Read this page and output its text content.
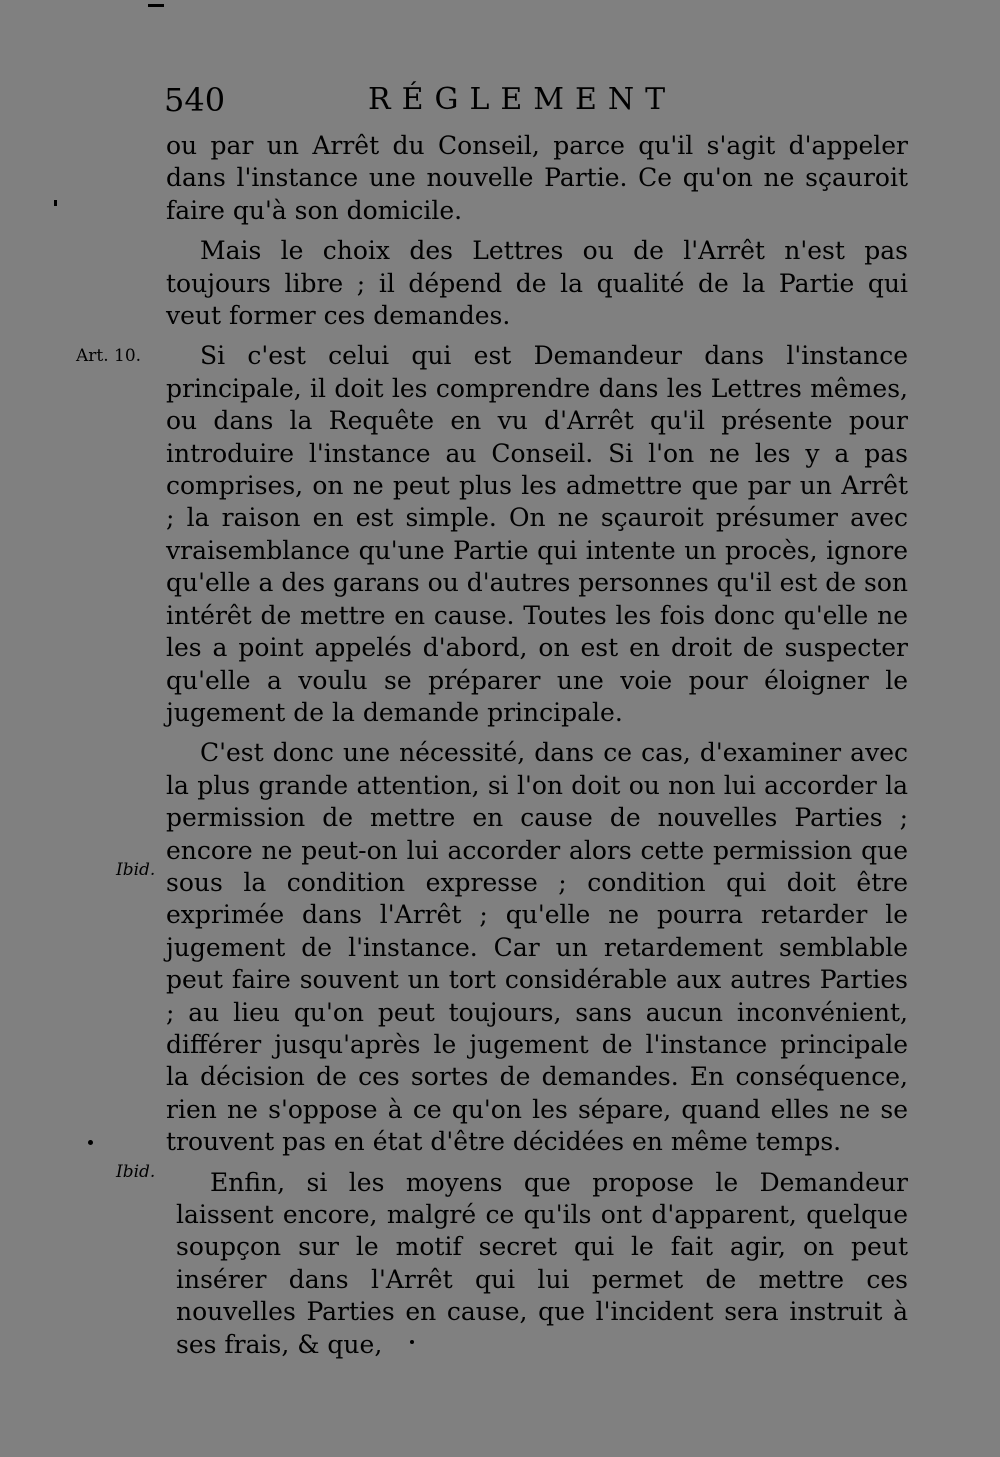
540	RÉGLEMENT

ou par un Arrêt du Conseil, parce qu'il s'agit d'appeler dans l'instance une nouvelle Partie. Ce qu'on ne sçauroit faire qu'à son domicile.

Mais le choix des Lettres ou de l'Arrêt n'est pas toujours libre ; il dépend de la qualité de la Partie qui veut former ces demandes.

Si c'est celui qui est Demandeur dans l'instance principale, il doit les comprendre dans les Lettres mêmes, ou dans la Requête en vu d'Arrêt qu'il présente pour introduire l'instance au Conseil. Si l'on ne les y a pas comprises, on ne peut plus les admettre que par un Arrêt ; la raison en est simple. On ne sçauroit présumer avec vraisemblance qu'une Partie qui intente un procès, ignore qu'elle a des garans ou d'autres personnes qu'il est de son intérêt de mettre en cause. Toutes les fois donc qu'elle ne les a point appelés d'abord, on est en droit de suspecter qu'elle a voulu se préparer une voie pour éloigner le jugement de la demande principale.

C'est donc une nécessité, dans ce cas, d'examiner avec la plus grande attention, si l'on doit ou non lui accorder la permission de mettre en cause de nouvelles Parties ; encore ne peut-on lui accorder alors cette permission que sous la condition expresse ; condition qui doit être exprimée dans l'Arrêt ; qu'elle ne pourra retarder le jugement de l'instance. Car un retardement semblable peut faire souvent un tort considérable aux autres Parties ; au lieu qu'on peut toujours, sans aucun inconvénient, différer jusqu'après le jugement de l'instance principale la décision de ces sortes de demandes. En conséquence, rien ne s'oppose à ce qu'on les sépare, quand elles ne se trouvent pas en état d'être décidées en même temps.

Enfin, si les moyens que propose le Demandeur laissent encore, malgré ce qu'ils ont d'apparent, quelque soupçon sur le motif secret qui le fait agir, on peut insérer dans l'Arrêt qui lui permet de mettre ces nouvelles Parties en cause, que l'incident sera instruit à ses frais, & que,

Art. 10.
Ibid.
Ibid.
